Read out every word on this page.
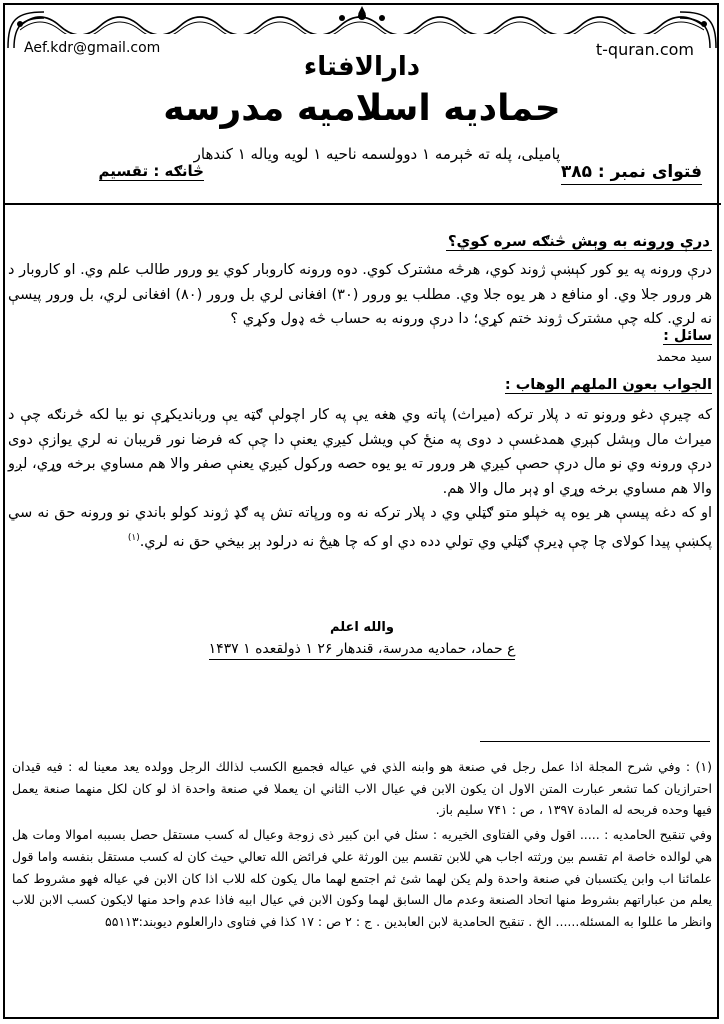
Aef.kdr@gmail.com	t-quran.com
دارالافتاء
حمادیه اسلامیه مدرسه
پامیلی، پله ته څېرمه ۱ دوولسمه ناحیه ۱ لویه ویاله ۱ کندهار
فتوای نمبر : ۳۸۵
څانګه : تقسیم
درې ورونه به وېش څنګه سره کوي؟
درې ورونه په یو کور کېښې ژوند کوي، هرڅه مشترک کوي. دوه ورونه کاروبار کوي یو ورور طالب علم وي. او کاروبار د هر ورور جلا وي. او منافع د هر یوه جلا وي. مطلب یو ورور (۳۰) افغانی لري بل ورور (۸۰) افغانی لري، بل ورور پیسې نه لري. کله چې مشترک ژوند ختم کړي؛ دا درې ورونه به حساب څه ډول وکړي ؟
سائل :
سید محمد
الجواب بعون الملهم الوهاب :

که چیرې دغو ورونو ته د پلار ترکه (میراث) پاته وي هغه یې په کار اچولې ګټه یې وربانديکړې نو بیا لکه څرنګه چې د میراث مال وېشل کېږي همدغسې د دوی په منځ کې ویشل کیږي یعنې دا چې که فرضا نور قریبان نه لري یوازې دوی درې ورونه وي نو مال درې حصې کیږي هر ورور ته یو یوه حصه ورکول کیږي یعنې صفر والا هم مساوي برخه وړي، لږو والا هم مساوي برخه وړي او ډېر مال والا هم.

او که دغه پیسې هر یوه په خپلو متو ګټلي وي د پلار ترکه نه وه ورپاته تش په ګډ ژوند کولو باندي نو ورونه حق نه سي پکښې پیدا کولای چا چې ډیرې ګټلي وي تولي دده دي او که چا هیڅ نه درلود ېږ بیخي حق نه لري.$^{(۱)}$

والله اعلم
ع حماد، حمادیه مدرسة، قندهار ۲۶ ۱ ذولقعده ۱ ۱۴۳۷

(۱) : وفي شرح المجلة اذا عمل رجل في صنعة هو وابنه الذي في عياله فجميع الكسب لذالك الرجل وولده يعد معينا له : فيه قيدان احترازيان كما تشعر عبارت المتن الاول ان يكون الابن في عيال الاب الثاني ان يعملا في صنعة واحدة اذ لو كان لكل منهما صنعة يعمل فيها وحده فربحه له المادة ۱۳۹۷ ، ص : ۷۴۱ سليم باز.

وفي تنقيح الحامديه : ..... اقول وفي الفتاوى الخيريه : سئل في ابن كبير ذى زوجة وعيال له كسب مستقل حصل بسببه اموالا ومات هل هي لوالده خاصة ام تقسم بين ورثته اجاب هي للابن تقسم بين الورثة علي فرائض الله تعالي حيث كان له كسب مستقل بنفسه واما قول علمائنا اب وابن يكتسبان في صنعة واحدة ولم يكن لهما شئ ثم اجتمع لهما مال يكون كله للاب اذا كان الابن في عياله فهو مشروط كما يعلم من عباراتهم بشروط منها اتحاد الصنعة وعدم مال السابق لهما وكون الابن في عيال ابيه فاذا عدم واحد منها لايكون كسب الابن للاب وانظر ما عللوا به المسئله...... الخ . تنقيح الحامدية لابن العابدين . ج : ۲ ص : ۱۷ كذا في فتاوى دارالعلوم ديوبند:۵۵۱۱۳
